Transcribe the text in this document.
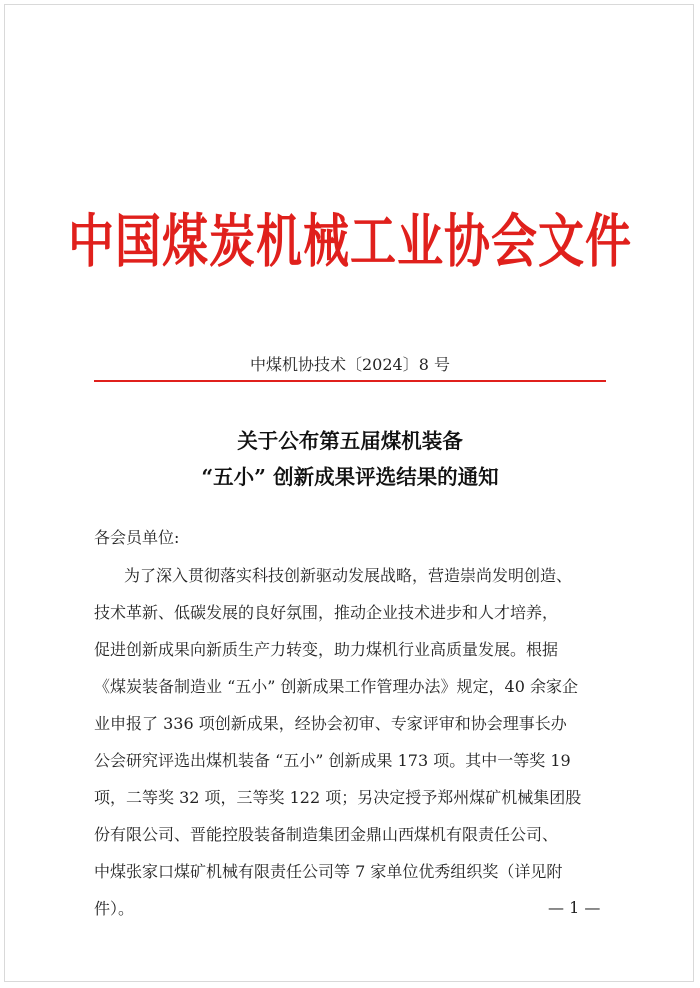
中国煤炭机械工业协会文件
中煤机协技术〔2024〕8 号
关于公布第五届煤机装备
“五小” 创新成果评选结果的通知
各会员单位:
为了深入贯彻落实科技创新驱动发展战略，营造崇尚发明创造、
技术革新、低碳发展的良好氛围，推动企业技术进步和人才培养，
促进创新成果向新质生产力转变，助力煤机行业高质量发展。根据
《煤炭装备制造业 “五小” 创新成果工作管理办法》规定，40 余家企
业申报了 336 项创新成果，经协会初审、专家评审和协会理事长办
公会研究评选出煤机装备 “五小” 创新成果 173 项。其中一等奖 19
项，二等奖 32 项，三等奖 122 项；另决定授予郑州煤矿机械集团股
份有限公司、晋能控股装备制造集团金鼎山西煤机有限责任公司、
中煤张家口煤矿机械有限责任公司等 7 家单位优秀组织奖（详见附
件）。	— 1 —
